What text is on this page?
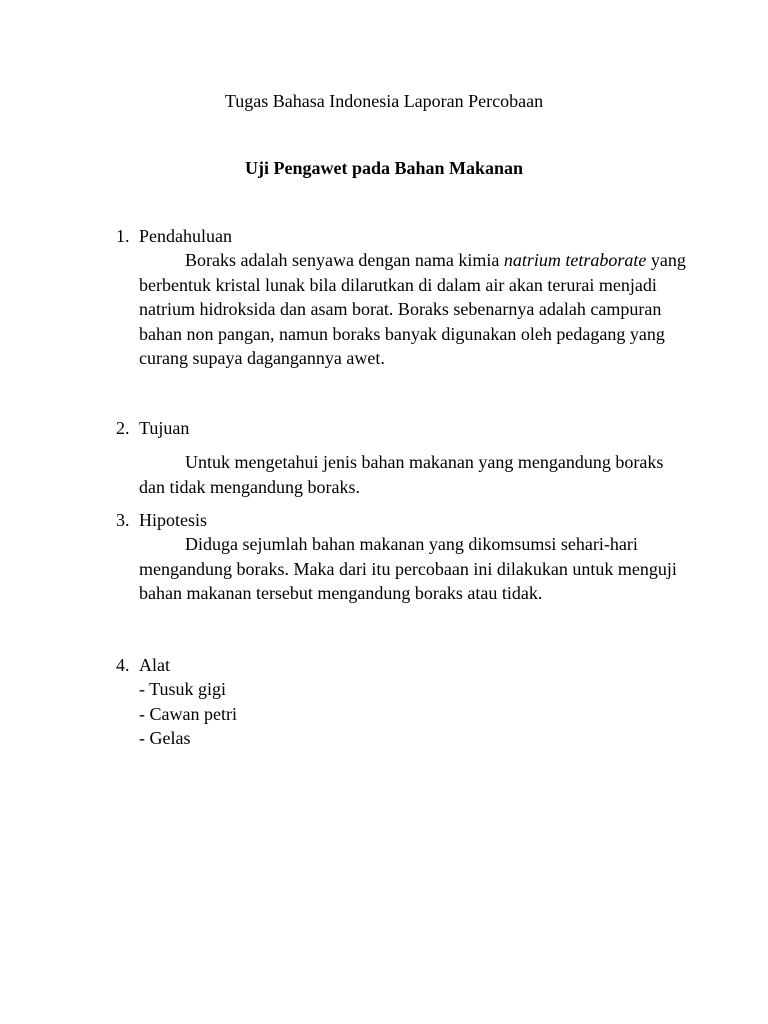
Tugas Bahasa Indonesia Laporan Percobaan
Uji Pengawet pada Bahan Makanan
1. Pendahuluan
Boraks adalah senyawa dengan nama kimia natrium tetraborate yang berbentuk kristal lunak bila dilarutkan di dalam air akan terurai menjadi natrium hidroksida dan asam borat. Boraks sebenarnya adalah campuran bahan non pangan, namun boraks banyak digunakan oleh pedagang yang curang supaya dagangannya awet.
2. Tujuan
Untuk mengetahui jenis bahan makanan yang mengandung boraks dan tidak mengandung boraks.
3. Hipotesis
Diduga sejumlah bahan makanan yang dikomsumsi sehari-hari mengandung boraks. Maka dari itu percobaan ini dilakukan untuk menguji bahan makanan tersebut mengandung boraks atau tidak.
4. Alat
- Tusuk gigi
- Cawan petri
- Gelas
